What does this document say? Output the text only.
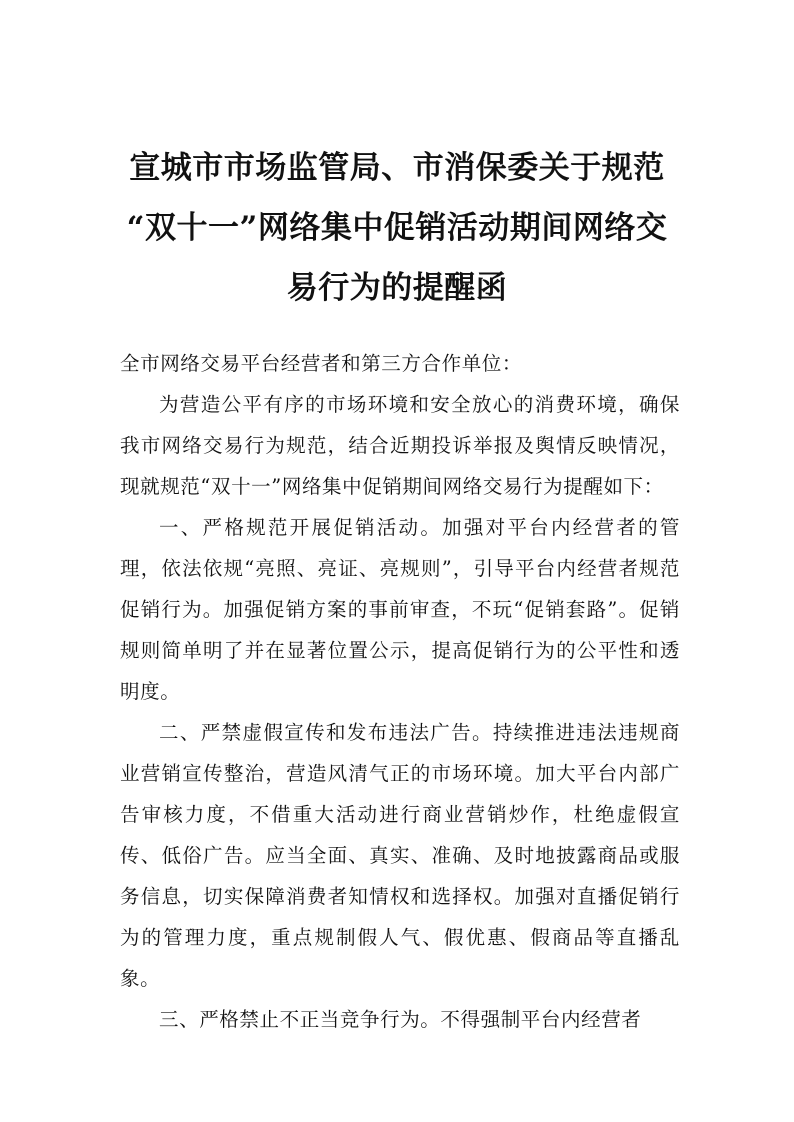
宣城市市场监管局、市消保委关于规范
“双十一”网络集中促销活动期间网络交
易行为的提醒函

全市网络交易平台经营者和第三方合作单位：

为营造公平有序的市场环境和安全放心的消费环境，确保我市网络交易行为规范，结合近期投诉举报及舆情反映情况，现就规范“双十一”网络集中促销期间网络交易行为提醒如下：

一、严格规范开展促销活动。加强对平台内经营者的管理，依法依规“亮照、亮证、亮规则”，引导平台内经营者规范促销行为。加强促销方案的事前审查，不玩“促销套路”。促销规则简单明了并在显著位置公示，提高促销行为的公平性和透明度。

二、严禁虚假宣传和发布违法广告。持续推进违法违规商业营销宣传整治，营造风清气正的市场环境。加大平台内部广告审核力度，不借重大活动进行商业营销炒作，杜绝虚假宣传、低俗广告。应当全面、真实、准确、及时地披露商品或服务信息，切实保障消费者知情权和选择权。加强对直播促销行为的管理力度，重点规制假人气、假优惠、假商品等直播乱象。

三、严格禁止不正当竞争行为。不得强制平台内经营者
